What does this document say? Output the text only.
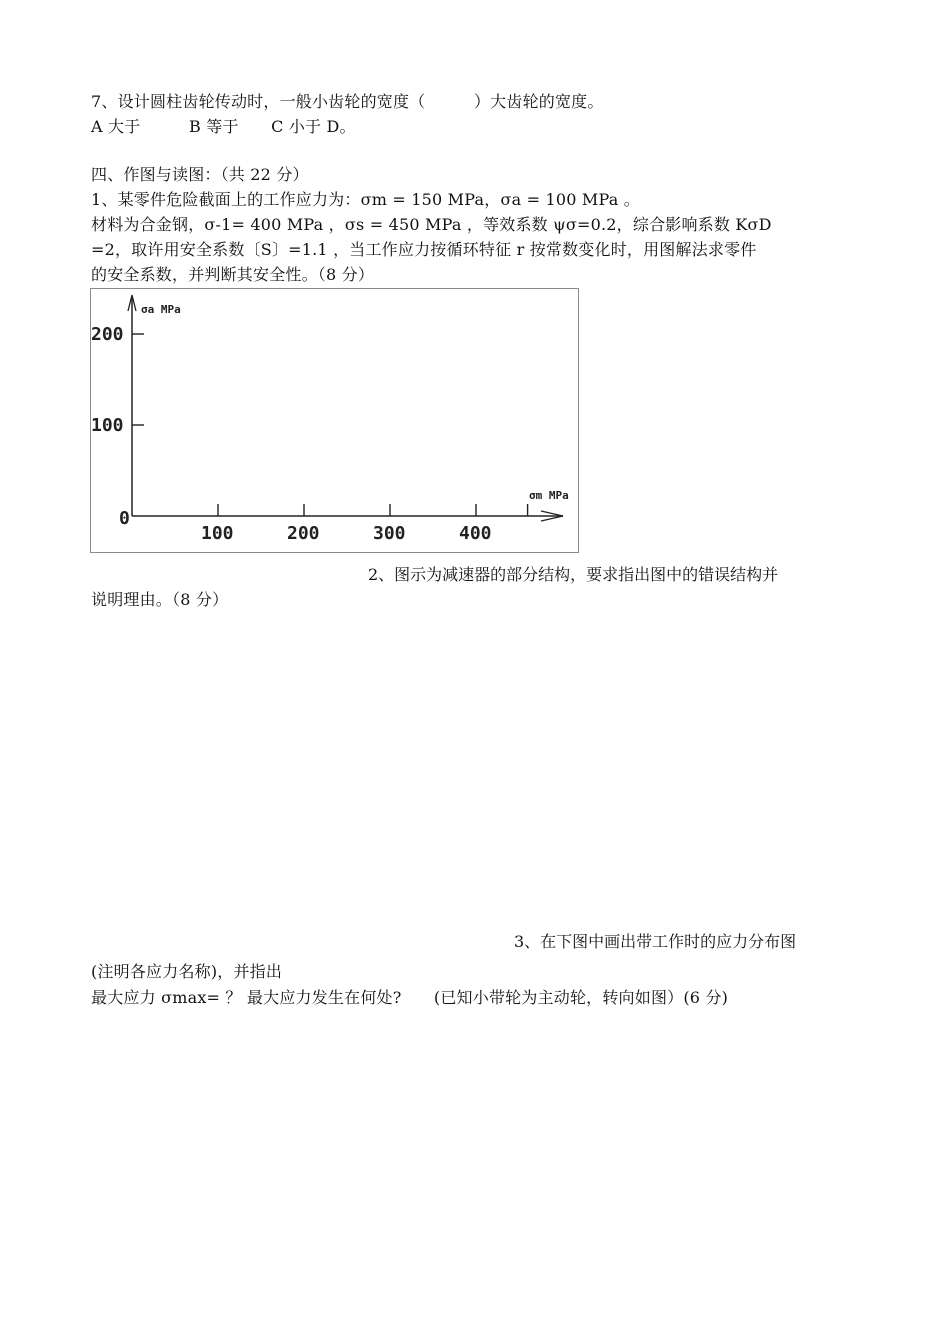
7、设计圆柱齿轮传动时，一般小齿轮的宽度（　　　）大齿轮的宽度。
A 大于　　　B 等于　　C 小于 D。
四、作图与读图：（共 22 分）
1、某零件危险截面上的工作应力为：σm = 150 MPa，σa = 100 MPa 。
材料为合金钢，σ-1= 400 MPa ，σs = 450 MPa ，等效系数 ψσ=0.2，综合影响系数 KσD
=2，取许用安全系数〔S〕=1.1 ，当工作应力按循环特征 r 按常数变化时，用图解法求零件
的安全系数，并判断其安全性。（8 分）
0
100	200	300	400
100
200
σa MPa
σm MPa
2、图示为减速器的部分结构，要求指出图中的错误结构并
说明理由。（8 分）
3、在下图中画出带工作时的应力分布图
(注明各应力名称)，并指出
最大应力 σmax= ？ 最大应力发生在何处?　　(已知小带轮为主动轮，转向如图）(6 分)
